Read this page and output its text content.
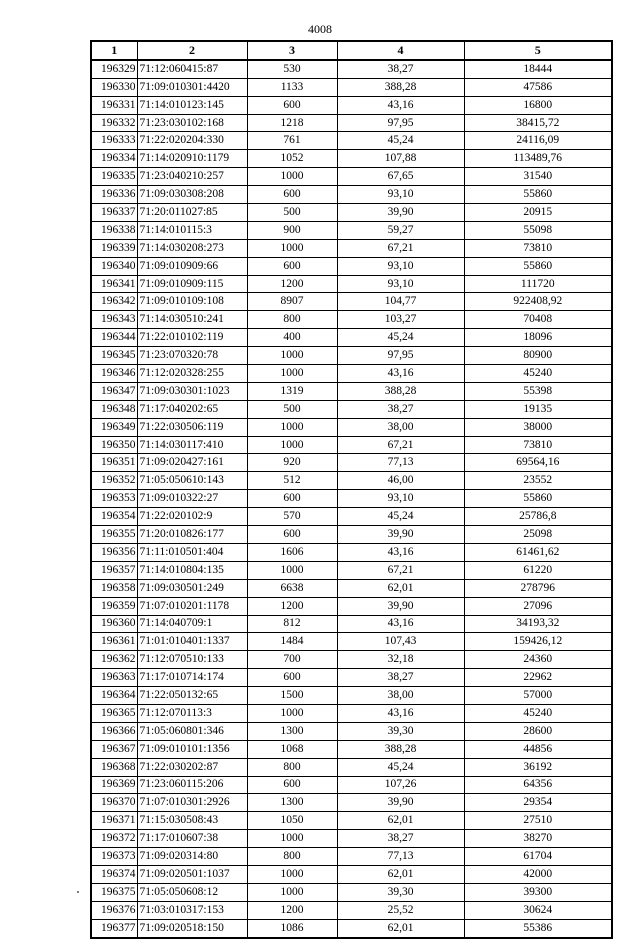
4008
1	2	3	4	5
196329	71:12:060415:87	530	38,27	18444
196330	71:09:010301:4420	1133	388,28	47586
196331	71:14:010123:145	600	43,16	16800
196332	71:23:030102:168	1218	97,95	38415,72
196333	71:22:020204:330	761	45,24	24116,09
196334	71:14:020910:1179	1052	107,88	113489,76
196335	71:23:040210:257	1000	67,65	31540
196336	71:09:030308:208	600	93,10	55860
196337	71:20:011027:85	500	39,90	20915
196338	71:14:010115:3	900	59,27	55098
196339	71:14:030208:273	1000	67,21	73810
196340	71:09:010909:66	600	93,10	55860
196341	71:09:010909:115	1200	93,10	111720
196342	71:09:010109:108	8907	104,77	922408,92
196343	71:14:030510:241	800	103,27	70408
196344	71:22:010102:119	400	45,24	18096
196345	71:23:070320:78	1000	97,95	80900
196346	71:12:020328:255	1000	43,16	45240
196347	71:09:030301:1023	1319	388,28	55398
196348	71:17:040202:65	500	38,27	19135
196349	71:22:030506:119	1000	38,00	38000
196350	71:14:030117:410	1000	67,21	73810
196351	71:09:020427:161	920	77,13	69564,16
196352	71:05:050610:143	512	46,00	23552
196353	71:09:010322:27	600	93,10	55860
196354	71:22:020102:9	570	45,24	25786,8
196355	71:20:010826:177	600	39,90	25098
196356	71:11:010501:404	1606	43,16	61461,62
196357	71:14:010804:135	1000	67,21	61220
196358	71:09:030501:249	6638	62,01	278796
196359	71:07:010201:1178	1200	39,90	27096
196360	71:14:040709:1	812	43,16	34193,32
196361	71:01:010401:1337	1484	107,43	159426,12
196362	71:12:070510:133	700	32,18	24360
196363	71:17:010714:174	600	38,27	22962
196364	71:22:050132:65	1500	38,00	57000
196365	71:12:070113:3	1000	43,16	45240
196366	71:05:060801:346	1300	39,30	28600
196367	71:09:010101:1356	1068	388,28	44856
196368	71:22:030202:87	800	45,24	36192
196369	71:23:060115:206	600	107,26	64356
196370	71:07:010301:2926	1300	39,90	29354
196371	71:15:030508:43	1050	62,01	27510
196372	71:17:010607:38	1000	38,27	38270
196373	71:09:020314:80	800	77,13	61704
196374	71:09:020501:1037	1000	62,01	42000
196375	71:05:050608:12	1000	39,30	39300
196376	71:03:010317:153	1200	25,52	30624
196377	71:09:020518:150	1086	62,01	55386
